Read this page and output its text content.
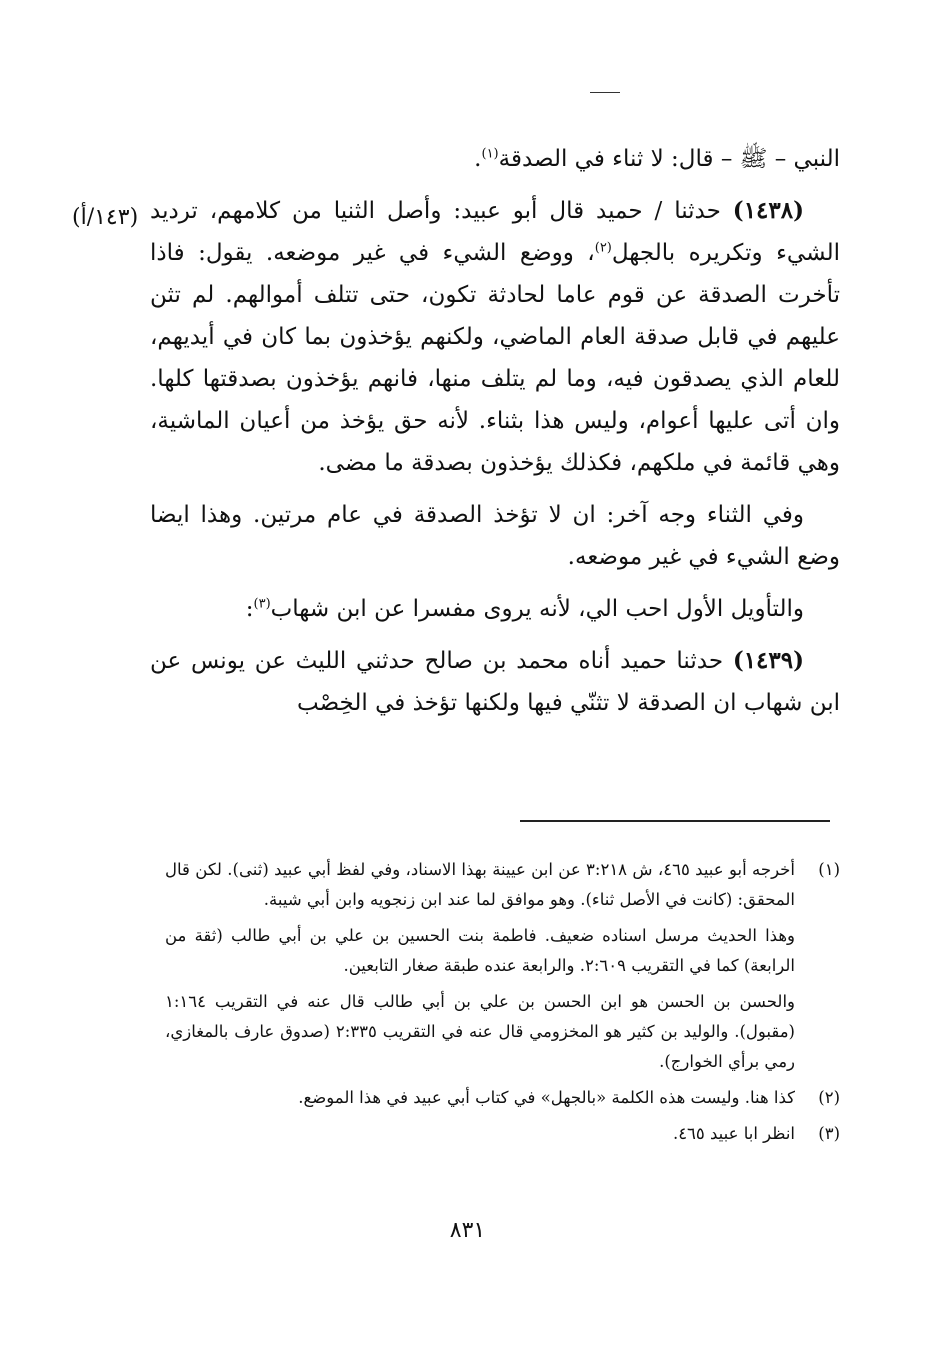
(١٤٣/أ)

النبي – ﷺ – قال: لا ثناء في الصدقة$^{(١)}$.

(١٤٣٨) حدثنا / حميد قال أبو عبيد: وأصل الثنيا من كلامهم، ترديد الشيء وتكريره بالجهل$^{(٢)}$، ووضع الشيء في غير موضعه. يقول: فاذا تأخرت الصدقة عن قوم عاما لحادثة تكون، حتى تتلف أموالهم. لم تثن عليهم في قابل صدقة العام الماضي، ولكنهم يؤخذون بما كان في أيديهم، للعام الذي يصدقون فيه، وما لم يتلف منها، فانهم يؤخذون بصدقتها كلها. وان أتى عليها أعوام، وليس هذا بثناء. لأنه حق يؤخذ من أعيان الماشية، وهي قائمة في ملكهم، فكذلك يؤخذون بصدقة ما مضى.

وفي الثناء وجه آخر: ان لا تؤخذ الصدقة في عام مرتين. وهذا ايضا وضع الشيء في غير موضعه.

والتأويل الأول احب الي، لأنه يروى مفسرا عن ابن شهاب$^{(٣)}$:

(١٤٣٩) حدثنا حميد أناه محمد بن صالح حدثني الليث عن يونس عن ابن شهاب ان الصدقة لا تثنّي فيها ولكنها تؤخذ في الخِصْب

(١)

أخرجه أبو عبيد ٤٦٥، ش ٣:٢١٨ عن ابن عيينة بهذا الاسناد، وفي لفظ أبي عبيد (ثنى). لكن قال المحقق: (كانت في الأصل ثناء). وهو موافق لما عند ابن زنجويه وابن أبي شيبة.

وهذا الحديث مرسل اسناده ضعيف. فاطمة بنت الحسين بن علي بن أبي طالب (ثقة من الرابعة) كما في التقريب ٢:٦٠٩. والرابعة عنده طبقة صغار التابعين.

والحسن بن الحسن هو ابن الحسن بن علي بن أبي طالب قال عنه في التقريب ١:١٦٤ (مقبول). والوليد بن كثير هو المخزومي قال عنه في التقريب ٢:٣٣٥ (صدوق عارف بالمغازي، رمي برأي الخوارج).

(٢)

كذا هنا. وليست هذه الكلمة «بالجهل» في كتاب أبي عبيد في هذا الموضع.

(٣)

انظر ابا عبيد ٤٦٥.

٨٣١
